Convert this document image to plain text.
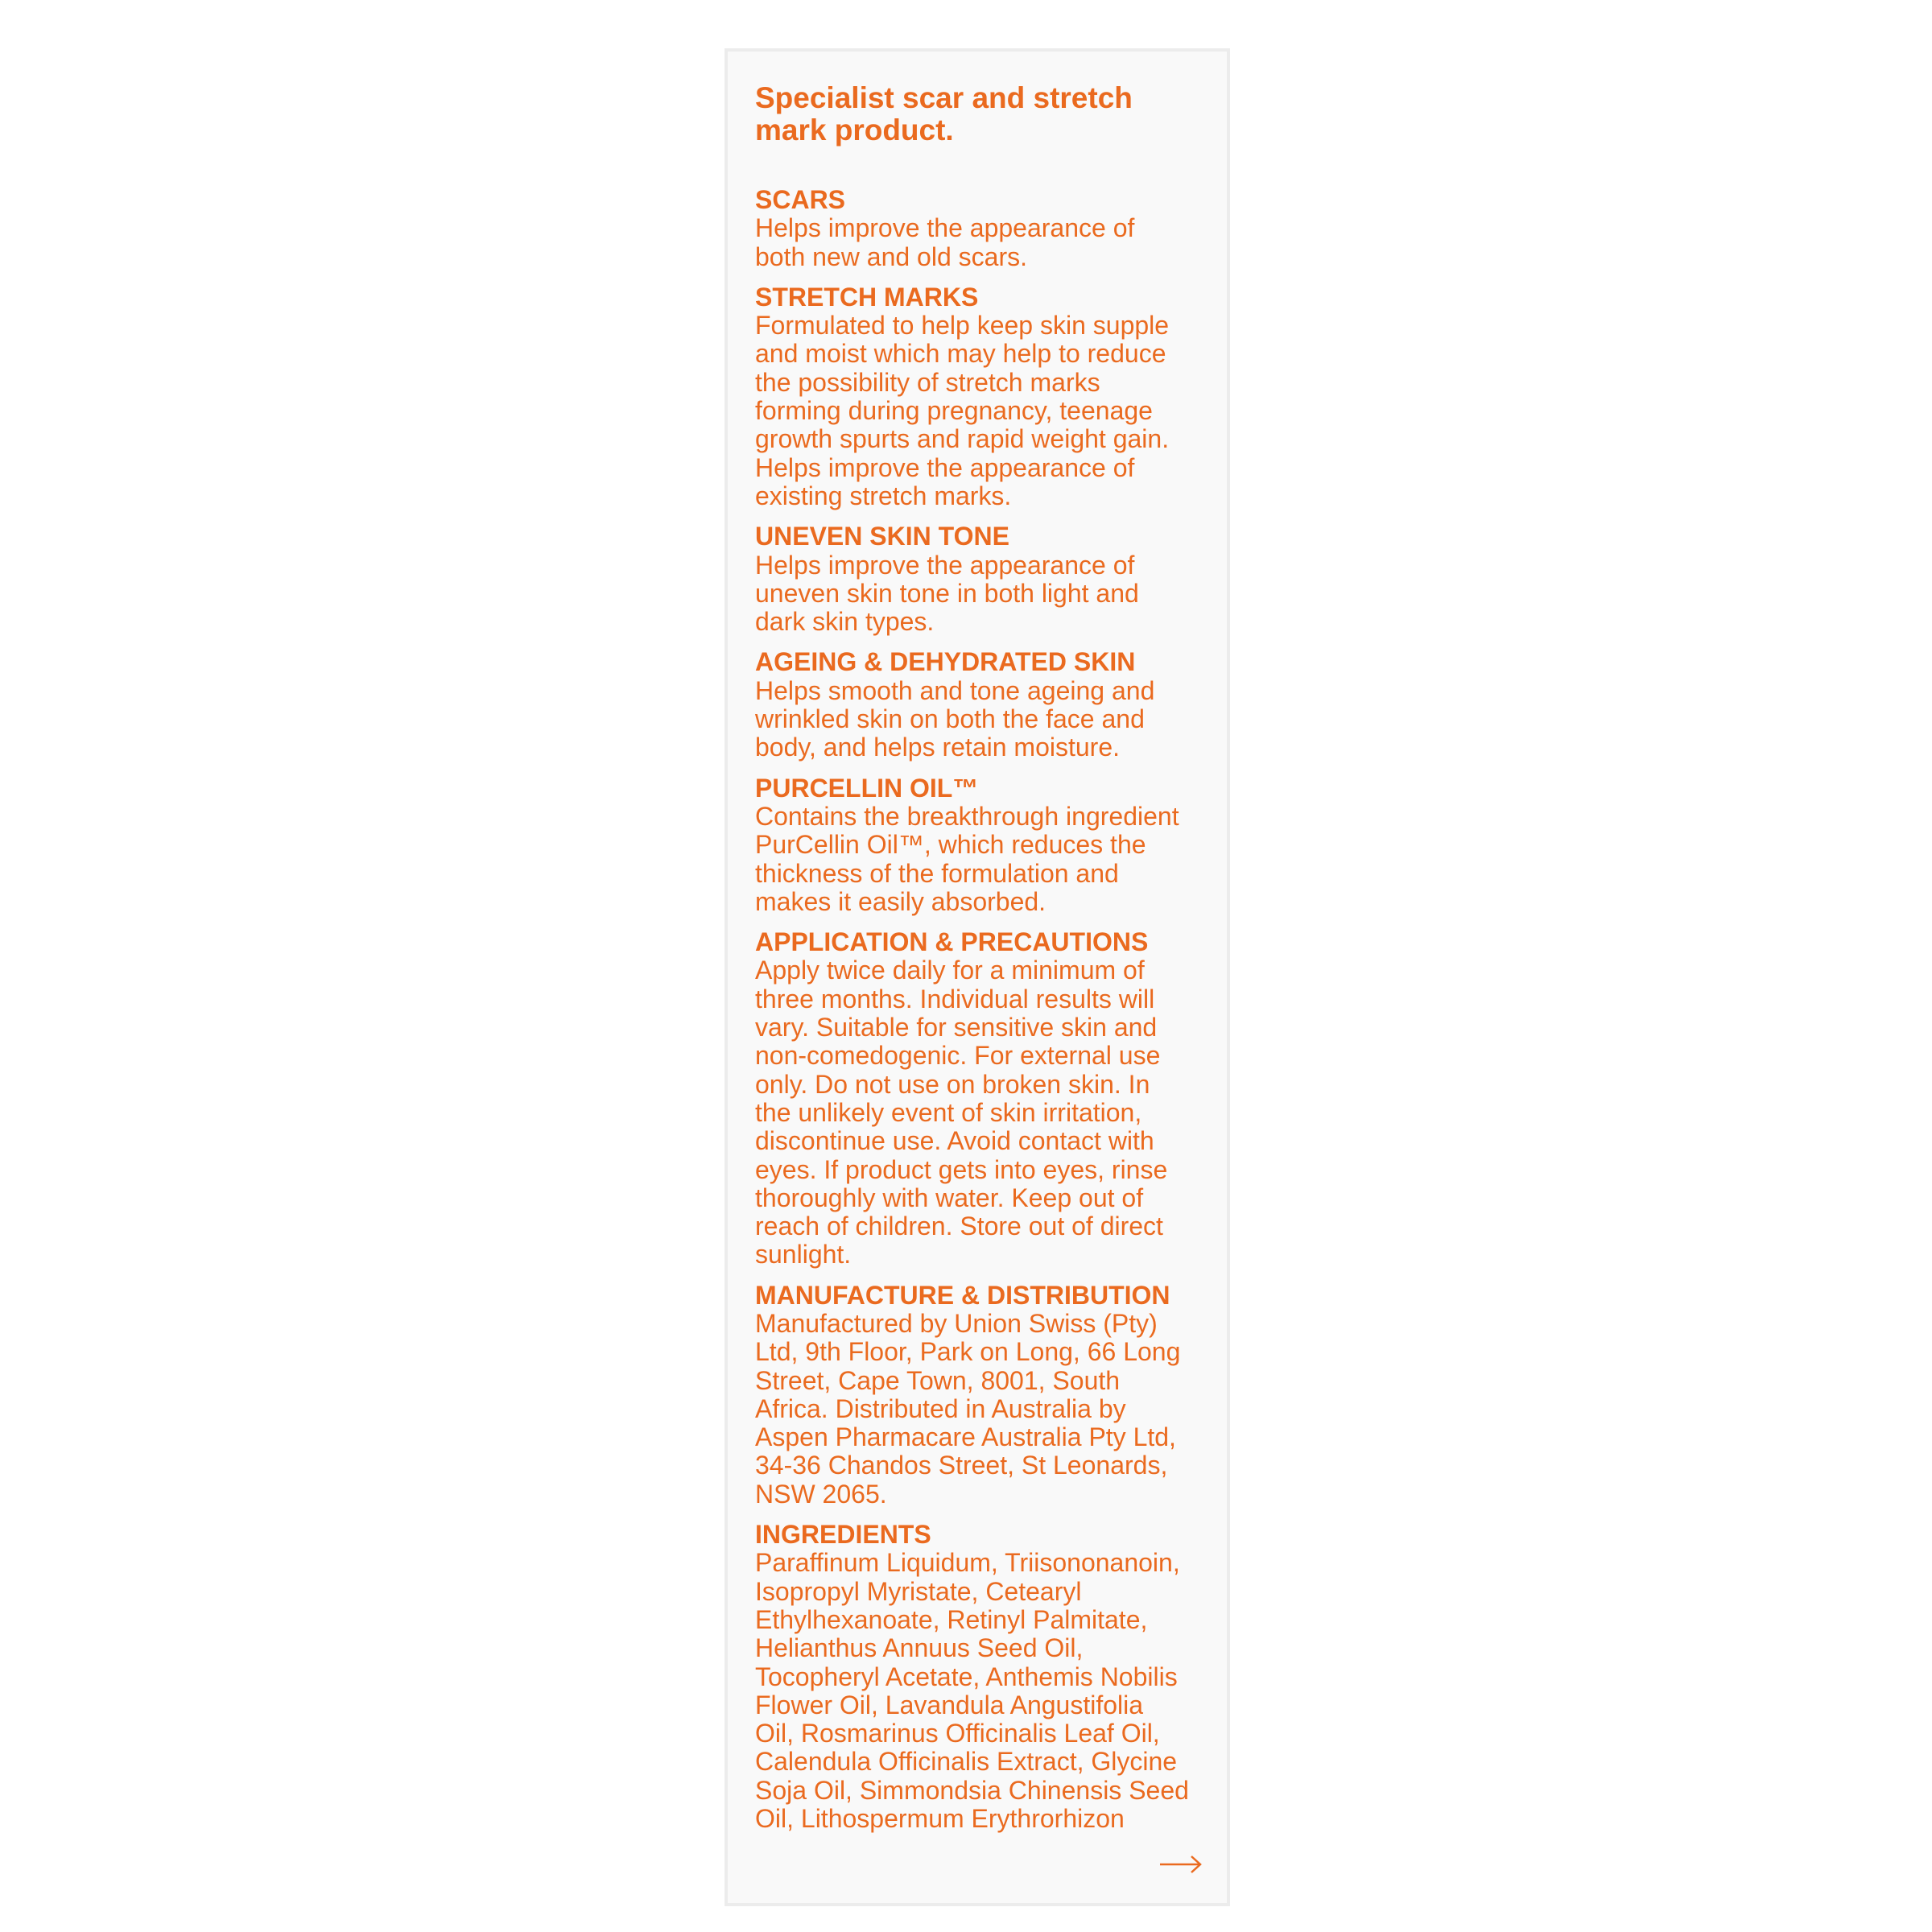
Specialist scar and stretch
mark product.
SCARS
Helps improve the appearance of
both new and old scars.
STRETCH MARKS
Formulated to help keep skin supple
and moist which may help to reduce
the possibility of stretch marks
forming during pregnancy, teenage
growth spurts and rapid weight gain.
Helps improve the appearance of
existing stretch marks.
UNEVEN SKIN TONE
Helps improve the appearance of
uneven skin tone in both light and
dark skin types.
AGEING & DEHYDRATED SKIN
Helps smooth and tone ageing and
wrinkled skin on both the face and
body, and helps retain moisture.
PURCELLIN OIL™
Contains the breakthrough ingredient
PurCellin Oil™, which reduces the
thickness of the formulation and
makes it easily absorbed.
APPLICATION & PRECAUTIONS
Apply twice daily for a minimum of
three months. Individual results will
vary. Suitable for sensitive skin and
non-comedogenic. For external use
only. Do not use on broken skin. In
the unlikely event of skin irritation,
discontinue use. Avoid contact with
eyes. If product gets into eyes, rinse
thoroughly with water. Keep out of
reach of children. Store out of direct
sunlight.
MANUFACTURE & DISTRIBUTION
Manufactured by Union Swiss (Pty)
Ltd, 9th Floor, Park on Long, 66 Long
Street, Cape Town, 8001, South
Africa. Distributed in Australia by
Aspen Pharmacare Australia Pty Ltd,
34-36 Chandos Street, St Leonards,
NSW 2065.
INGREDIENTS
Paraffinum Liquidum, Triisononanoin,
Isopropyl Myristate, Cetearyl
Ethylhexanoate, Retinyl Palmitate,
Helianthus Annuus Seed Oil,
Tocopheryl Acetate, Anthemis Nobilis
Flower Oil, Lavandula Angustifolia
Oil, Rosmarinus Officinalis Leaf Oil,
Calendula Officinalis Extract, Glycine
Soja Oil, Simmondsia Chinensis Seed
Oil, Lithospermum Erythrorhizon
